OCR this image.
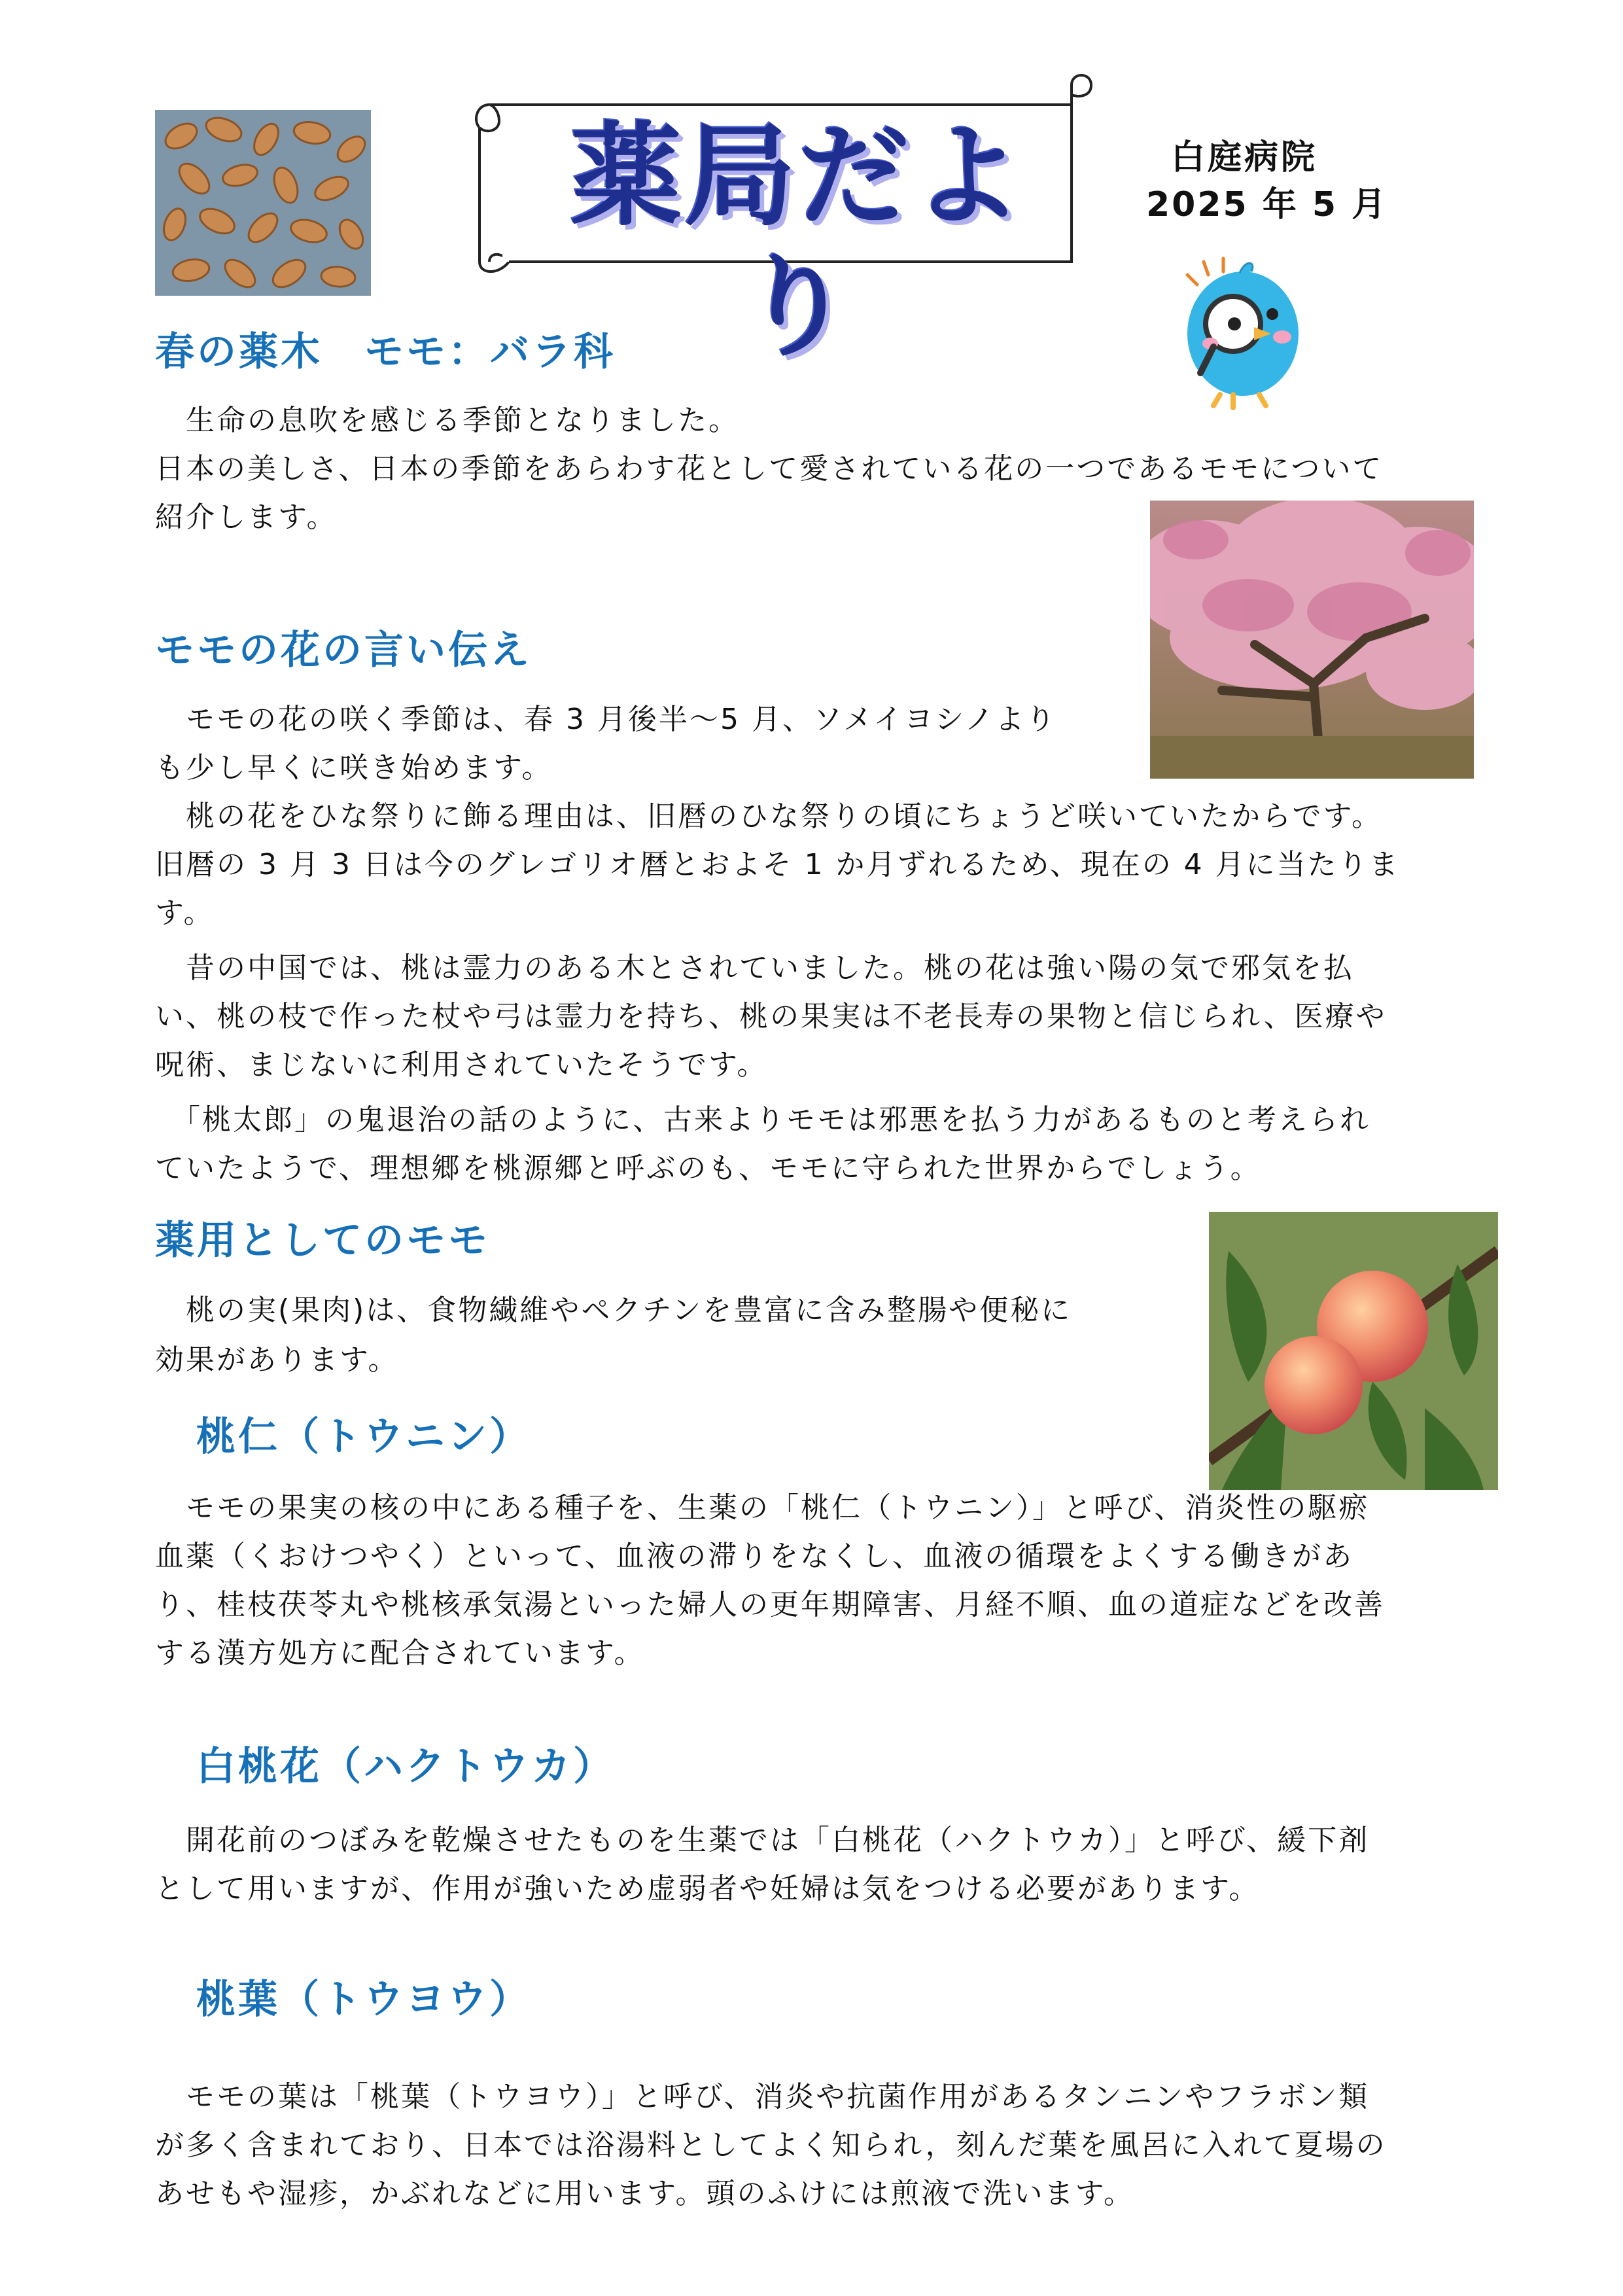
薬局だより
白庭病院
2025 年 5 月
春の薬木　モモ：バラ科
　生命の息吹を感じる季節となりました。
日本の美しさ、日本の季節をあらわす花として愛されている花の一つであるモモについて
紹介します。
モモの花の言い伝え
　モモの花の咲く季節は、春 3 月後半～5 月、ソメイヨシノより
も少し早くに咲き始めます。
　桃の花をひな祭りに飾る理由は、旧暦のひな祭りの頃にちょうど咲いていたからです。
旧暦の 3 月 3 日は今のグレゴリオ暦とおよそ 1 か月ずれるため、現在の 4 月に当たりま
す。
　昔の中国では、桃は霊力のある木とされていました。桃の花は強い陽の気で邪気を払
い、桃の枝で作った杖や弓は霊力を持ち、桃の果実は不老長寿の果物と信じられ、医療や
呪術、まじないに利用されていたそうです。
　「桃太郎」の鬼退治の話のように、古来よりモモは邪悪を払う力があるものと考えられ
ていたようで、理想郷を桃源郷と呼ぶのも、モモに守られた世界からでしょう。
薬用としてのモモ
　桃の実(果肉)は、食物繊維やペクチンを豊富に含み整腸や便秘に
効果があります。
桃仁（トウニン）
　モモの果実の核の中にある種子を、生薬の「桃仁（トウニン）」と呼び、消炎性の駆瘀
血薬（くおけつやく）といって、血液の滞りをなくし、血液の循環をよくする働きがあ
り、桂枝茯苓丸や桃核承気湯といった婦人の更年期障害、月経不順、血の道症などを改善
する漢方処方に配合されています。
白桃花（ハクトウカ）
　開花前のつぼみを乾燥させたものを生薬では「白桃花（ハクトウカ）」と呼び、緩下剤
として用いますが、作用が強いため虚弱者や妊婦は気をつける必要があります。
桃葉（トウヨウ）
　モモの葉は「桃葉（トウヨウ）」と呼び、消炎や抗菌作用があるタンニンやフラボン類
が多く含まれており、日本では浴湯料としてよく知られ，刻んだ葉を風呂に入れて夏場の
あせもや湿疹，かぶれなどに用います。頭のふけには煎液で洗います。
